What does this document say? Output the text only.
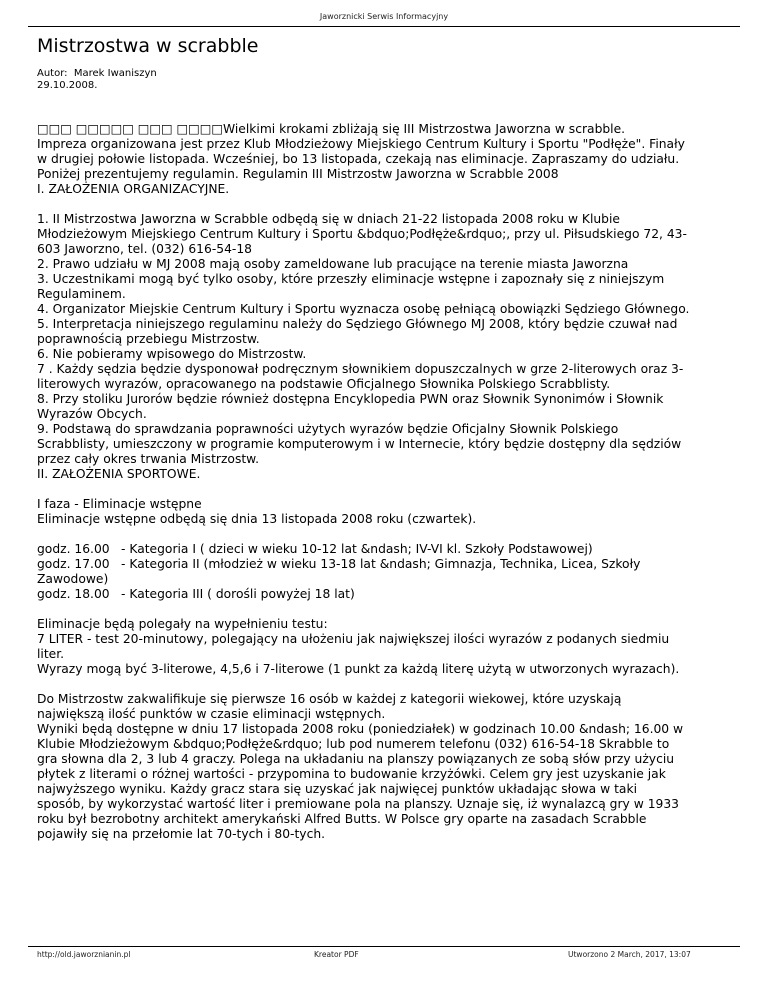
Jaworznicki Serwis Informacyjny
Mistrzostwa w scrabble
Autor:  Marek Iwaniszyn
29.10.2008.

□□□ □□□□□ □□□ □□□□Wielkimi krokami zbliżają się III Mistrzostwa Jaworzna w scrabble.
Impreza organizowana jest przez Klub Młodzieżowy Miejskiego Centrum Kultury i Sportu "Podłęże". Finały
w drugiej połowie listopada. Wcześniej, bo 13 listopada, czekają nas eliminacje. Zapraszamy do udziału.
Poniżej prezentujemy regulamin. Regulamin III Mistrzostw Jaworzna w Scrabble 2008
I. ZAŁOŻENIA ORGANIZACYJNE.

1. II Mistrzostwa Jaworzna w Scrabble odbędą się w dniach 21-22 listopada 2008 roku w Klubie
Młodzieżowym Miejskiego Centrum Kultury i Sportu &bdquo;Podłęże&rdquo;, przy ul. Piłsudskiego 72, 43-
603 Jaworzno, tel. (032) 616-54-18
2. Prawo udziału w MJ 2008 mają osoby zameldowane lub pracujące na terenie miasta Jaworzna
3. Uczestnikami mogą być tylko osoby, które przeszły eliminacje wstępne i zapoznały się z niniejszym
Regulaminem.
4. Organizator Miejskie Centrum Kultury i Sportu wyznacza osobę pełniącą obowiązki Sędziego Głównego.
5. Interpretacja niniejszego regulaminu należy do Sędziego Głównego MJ 2008, który będzie czuwał nad
poprawnością przebiegu Mistrzostw.
6. Nie pobieramy wpisowego do Mistrzostw.
7 . Każdy sędzia będzie dysponował podręcznym słownikiem dopuszczalnych w grze 2-literowych oraz 3-
literowych wyrazów, opracowanego na podstawie Oficjalnego Słownika Polskiego Scrabblisty.
8. Przy stoliku Jurorów będzie również dostępna Encyklopedia PWN oraz Słownik Synonimów i Słownik
Wyrazów Obcych.
9. Podstawą do sprawdzania poprawności użytych wyrazów będzie Oficjalny Słownik Polskiego
Scrabblisty, umieszczony w programie komputerowym i w Internecie, który będzie dostępny dla sędziów
przez cały okres trwania Mistrzostw.
II. ZAŁOŻENIA SPORTOWE.

I faza - Eliminacje wstępne
Eliminacje wstępne odbędą się dnia 13 listopada 2008 roku (czwartek).

godz. 16.00 - Kategoria I ( dzieci w wieku 10-12 lat &ndash; IV-VI kl. Szkoły Podstawowej)
godz. 17.00 - Kategoria II (młodzież w wieku 13-18 lat &ndash; Gimnazja, Technika, Licea, Szkoły
Zawodowe)
godz. 18.00 - Kategoria III ( dorośli powyżej 18 lat)

Eliminacje będą polegały na wypełnieniu testu:
7 LITER - test 20-minutowy, polegający na ułożeniu jak największej ilości wyrazów z podanych siedmiu
liter.
Wyrazy mogą być 3-literowe, 4,5,6 i 7-literowe (1 punkt za każdą literę użytą w utworzonych wyrazach).

Do Mistrzostw zakwalifikuje się pierwsze 16 osób w każdej z kategorii wiekowej, które uzyskają
największą ilość punktów w czasie eliminacji wstępnych.
Wyniki będą dostępne w dniu 17 listopada 2008 roku (poniedziałek) w godzinach 10.00 &ndash; 16.00 w
Klubie Młodzieżowym &bdquo;Podłęże&rdquo; lub pod numerem telefonu (032) 616-54-18 Skrabble to
gra słowna dla 2, 3 lub 4 graczy. Polega na układaniu na planszy powiązanych ze sobą słów przy użyciu
płytek z literami o różnej wartości - przypomina to budowanie krzyżówki. Celem gry jest uzyskanie jak
najwyższego wyniku. Każdy gracz stara się uzyskać jak najwięcej punktów układając słowa w taki
sposób, by wykorzystać wartość liter i premiowane pola na planszy. Uznaje się, iż wynalazcą gry w 1933
roku był bezrobotny architekt amerykański Alfred Butts. W Polsce gry oparte na zasadach Scrabble
pojawiły się na przełomie lat 70-tych i 80-tych.

http://old.jaworznianin.pl	Kreator PDF	Utworzono 2 March, 2017, 13:07
